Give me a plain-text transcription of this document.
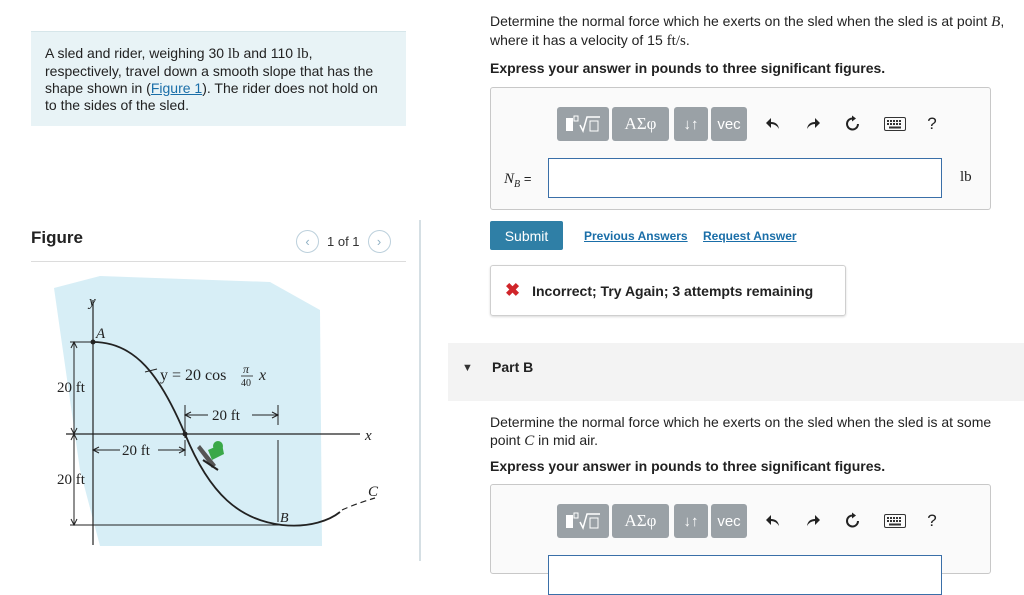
A sled and rider, weighing 30 lb and 110 lb, respectively, travel down a smooth slope that has the shape shown in (Figure 1). The rider does not hold on to the sides of the sled.
Figure	‹	1 of 1	›
y
x
A
B
C
y = 20 cos π
40 x
20 ft
20 ft
20 ft
20 ft
Determine the normal force which he exerts on the sled when the sled is at point B, where it has a velocity of 15 ft/s.
Express your answer in pounds to three significant figures.
ΑΣφ	↓↑	vec	?
$N_B$ =	lb
Submit	Previous Answers Request Answer
✖ Incorrect; Try Again; 3 attempts remaining
▼ Part B
Determine the normal force which he exerts on the sled when the sled is at some point C in mid air.
Express your answer in pounds to three significant figures.
ΑΣφ	↓↑	vec	?
